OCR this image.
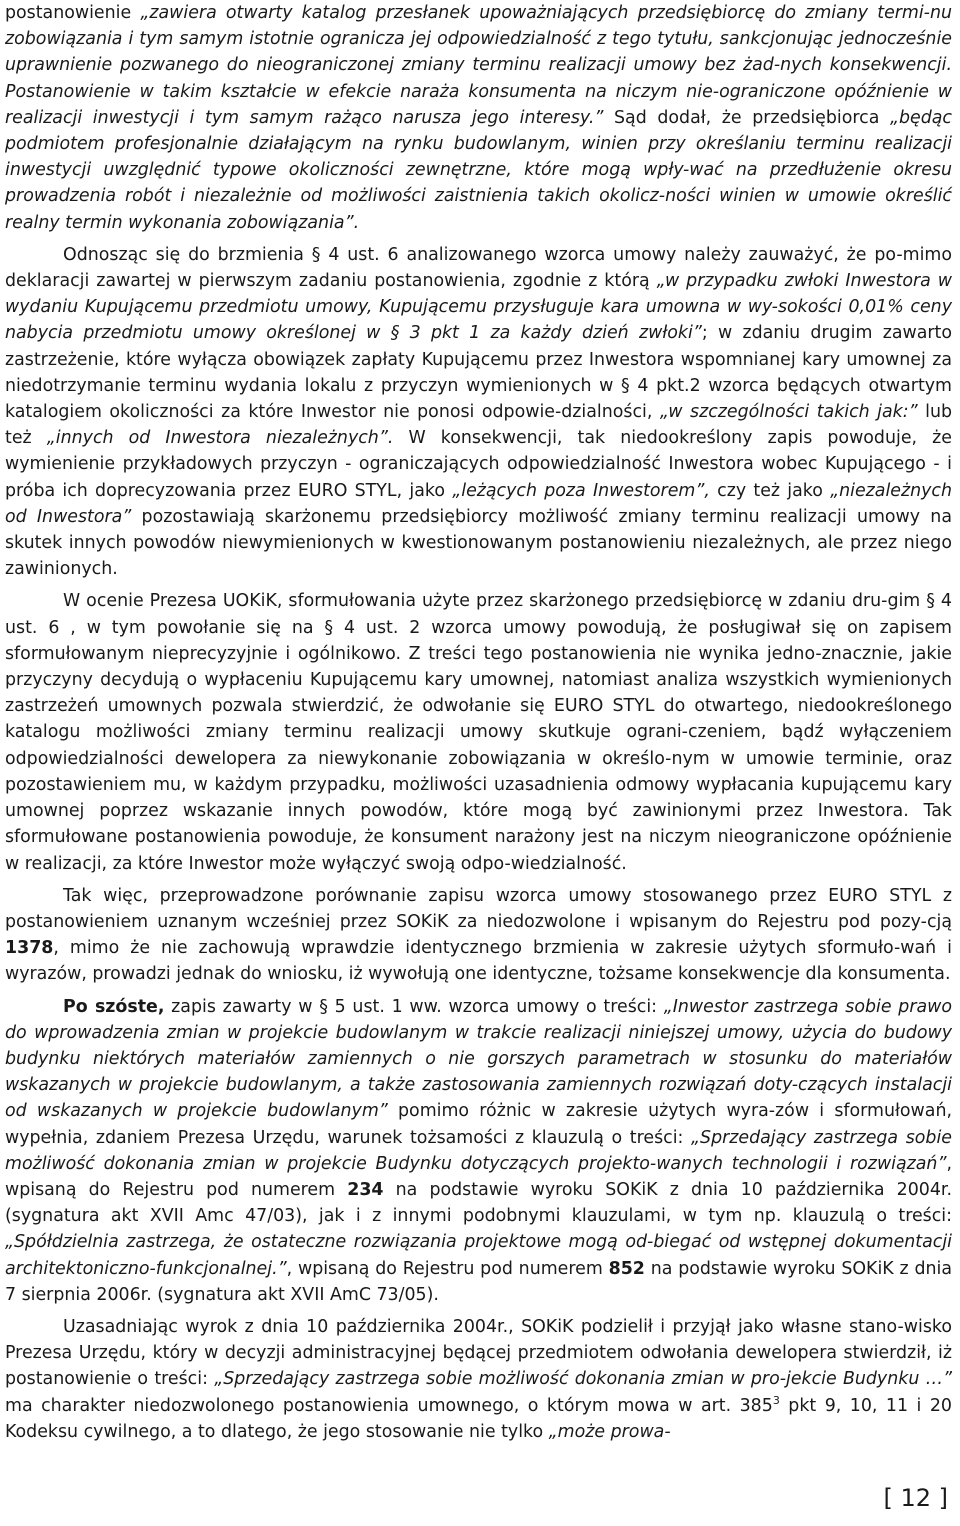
postanowienie „zawiera otwarty katalog przesłanek upoważniających przedsiębiorcę do zmiany termi-nu zobowiązania i tym samym istotnie ogranicza jej odpowiedzialność z tego tytułu, sankcjonując jednocześnie uprawnienie pozwanego do nieograniczonej zmiany terminu realizacji umowy bez żad-nych konsekwencji. Postanowienie w takim kształcie w efekcie naraża konsumenta na niczym nie-ograniczone opóźnienie w realizacji inwestycji i tym samym rażąco narusza jego interesy.” Sąd dodał, że przedsiębiorca „będąc podmiotem profesjonalnie działającym na rynku budowlanym, winien przy określaniu terminu realizacji inwestycji uwzględnić typowe okoliczności zewnętrzne, które mogą wpły-wać na przedłużenie okresu prowadzenia robót i niezależnie od możliwości zaistnienia takich okolicz-ności winien w umowie określić realny termin wykonania zobowiązania”.

Odnosząc się do brzmienia § 4 ust. 6 analizowanego wzorca umowy należy zauważyć, że po-mimo deklaracji zawartej w pierwszym zadaniu postanowienia, zgodnie z którą „w przypadku zwłoki Inwestora w wydaniu Kupującemu przedmiotu umowy, Kupującemu przysługuje kara umowna w wy-sokości 0,01% ceny nabycia przedmiotu umowy określonej w § 3 pkt 1 za każdy dzień zwłoki”; w zdaniu drugim zawarto zastrzeżenie, które wyłącza obowiązek zapłaty Kupującemu przez Inwestora wspomnianej kary umownej za niedotrzymanie terminu wydania lokalu z przyczyn wymienionych w § 4 pkt.2 wzorca będących otwartym katalogiem okoliczności za które Inwestor nie ponosi odpowie-dzialności, „w szczególności takich jak:” lub też „innych od Inwestora niezależnych”. W konsekwencji, tak niedookreślony zapis powoduje, że wymienienie przykładowych przyczyn - ograniczających odpowiedzialność Inwestora wobec Kupującego - i próba ich doprecyzowania przez EURO STYL, jako „leżących poza Inwestorem”, czy też jako „niezależnych od Inwestora” pozostawiają skarżonemu przedsiębiorcy możliwość zmiany terminu realizacji umowy na skutek innych powodów niewymienionych w kwestionowanym postanowieniu niezależnych, ale przez niego zawinionych.

W ocenie Prezesa UOKiK, sformułowania użyte przez skarżonego przedsiębiorcę w zdaniu dru-gim § 4 ust. 6 , w tym powołanie się na § 4 ust. 2 wzorca umowy powodują, że posługiwał się on zapisem sformułowanym nieprecyzyjnie i ogólnikowo. Z treści tego postanowienia nie wynika jedno-znacznie, jakie przyczyny decydują o wypłaceniu Kupującemu kary umownej, natomiast analiza wszystkich wymienionych zastrzeżeń umownych pozwala stwierdzić, że odwołanie się EURO STYL do otwartego, niedookreślonego katalogu możliwości zmiany terminu realizacji umowy skutkuje ograni-czeniem, bądź wyłączeniem odpowiedzialności dewelopera za niewykonanie zobowiązania w określo-nym w umowie terminie, oraz pozostawieniem mu, w każdym przypadku, możliwości uzasadnienia odmowy wypłacania kupującemu kary umownej poprzez wskazanie innych powodów, które mogą być zawinionymi przez Inwestora. Tak sformułowane postanowienia powoduje, że konsument narażony jest na niczym nieograniczone opóźnienie w realizacji, za które Inwestor może wyłączyć swoją odpo-wiedzialność.

Tak więc, przeprowadzone porównanie zapisu wzorca umowy stosowanego przez EURO STYL z postanowieniem uznanym wcześniej przez SOKiK za niedozwolone i wpisanym do Rejestru pod pozy-cją 1378, mimo że nie zachowują wprawdzie identycznego brzmienia w zakresie użytych sformuło-wań i wyrazów, prowadzi jednak do wniosku, iż wywołują one identyczne, tożsame konsekwencje dla konsumenta.

Po szóste, zapis zawarty w § 5 ust. 1 ww. wzorca umowy o treści: „Inwestor zastrzega sobie prawo do wprowadzenia zmian w projekcie budowlanym w trakcie realizacji niniejszej umowy, użycia do budowy budynku niektórych materiałów zamiennych o nie gorszych parametrach w stosunku do materiałów wskazanych w projekcie budowlanym, a także zastosowania zamiennych rozwiązań doty-czących instalacji od wskazanych w projekcie budowlanym” pomimo różnic w zakresie użytych wyra-zów i sformułowań, wypełnia, zdaniem Prezesa Urzędu, warunek tożsamości z klauzulą o treści: „Sprzedający zastrzega sobie możliwość dokonania zmian w projekcie Budynku dotyczących projekto-wanych technologii i rozwiązań”, wpisaną do Rejestru pod numerem 234 na podstawie wyroku SOKiK z dnia 10 października 2004r. (sygnatura akt XVII Amc 47/03), jak i z innymi podobnymi klauzulami, w tym np. klauzulą o treści: „Spółdzielnia zastrzega, że ostateczne rozwiązania projektowe mogą od-biegać od wstępnej dokumentacji architektoniczno-funkcjonalnej.”, wpisaną do Rejestru pod numerem 852 na podstawie wyroku SOKiK z dnia 7 sierpnia 2006r. (sygnatura akt XVII AmC 73/05).

Uzasadniając wyrok z dnia 10 października 2004r., SOKiK podzielił i przyjął jako własne stano-wisko Prezesa Urzędu, który w decyzji administracyjnej będącej przedmiotem odwołania dewelopera stwierdził, iż postanowienie o treści: „Sprzedający zastrzega sobie możliwość dokonania zmian w pro-jekcie Budynku …” ma charakter niedozwolonego postanowienia umownego, o którym mowa w art. $385^3$ pkt 9, 10, 11 i 20 Kodeksu cywilnego, a to dlatego, że jego stosowanie nie tylko „może prowa-

[ 12 ]
